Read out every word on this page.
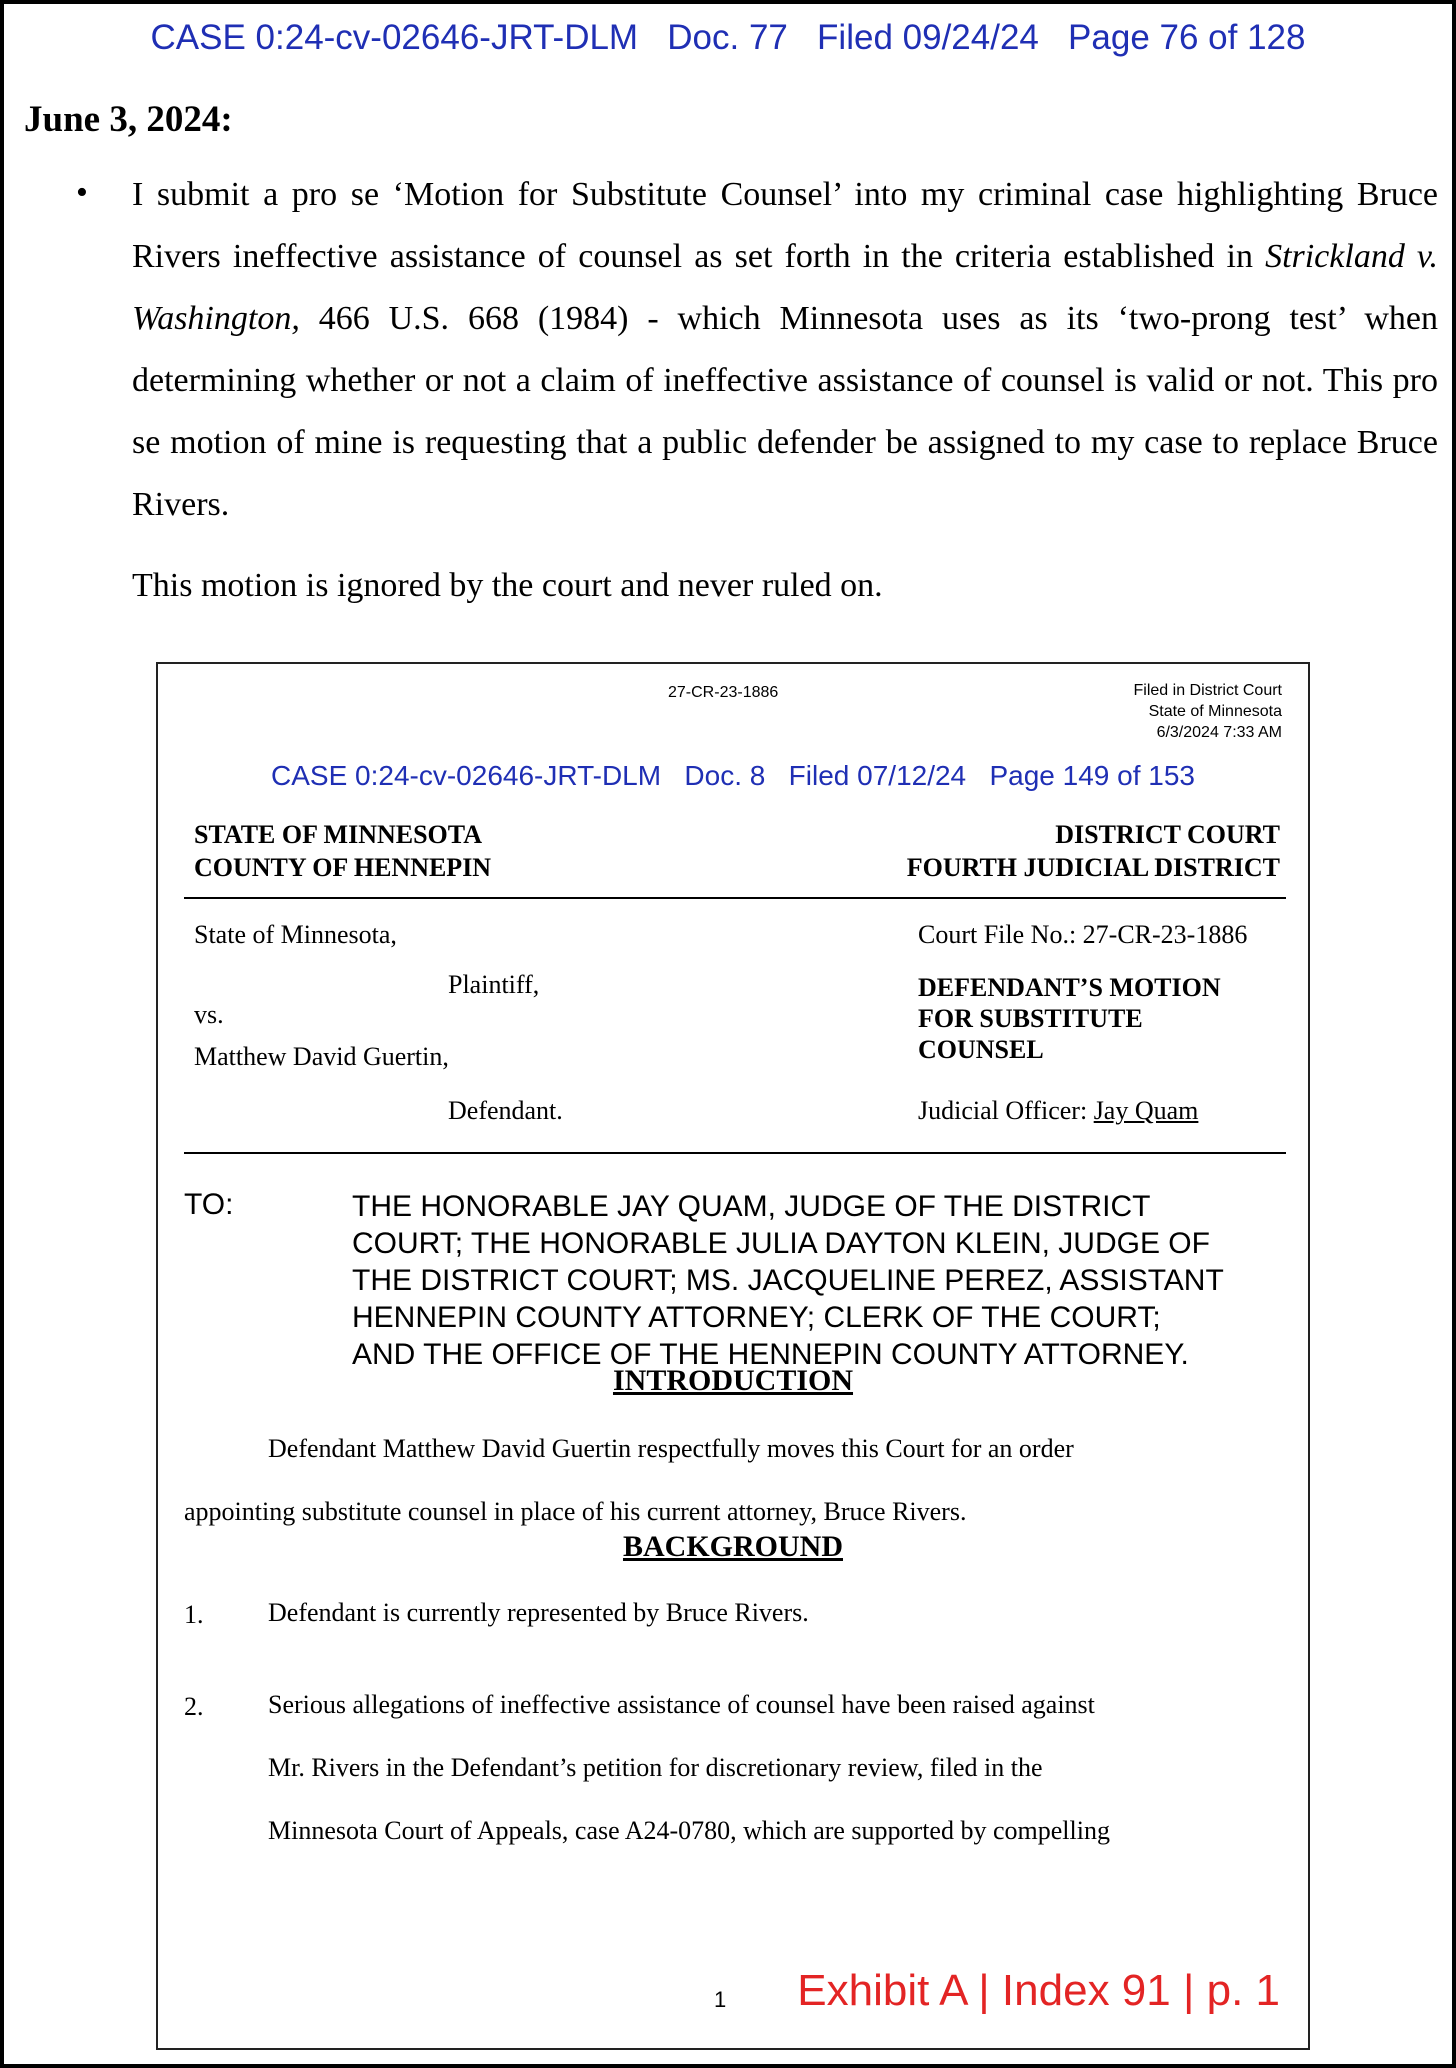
CASE 0:24-cv-02646-JRT-DLM   Doc. 77   Filed 09/24/24   Page 76 of 128
June 3, 2024:
• I submit a pro se ‘Motion for Substitute Counsel’ into my criminal case highlighting Bruce Rivers ineffective assistance of counsel as set forth in the criteria established in Strickland v. Washington, 466 U.S. 668 (1984) - which Minnesota uses as its ‘two-prong test’ when determining whether or not a claim of ineffective assistance of counsel is valid or not. This pro se motion of mine is requesting that a public defender be assigned to my case to replace Bruce Rivers.
This motion is ignored by the court and never ruled on.
27-CR-23-1886	Filed in District Court
State of Minnesota
6/3/2024 7:33 AM
CASE 0:24-cv-02646-JRT-DLM   Doc. 8   Filed 07/12/24   Page 149 of 153
STATE OF MINNESOTA
COUNTY OF HENNEPIN
DISTRICT COURT
FOURTH JUDICIAL DISTRICT
State of Minnesota,
Plaintiff,
vs.
Matthew David Guertin,
Defendant.
Court File No.: 27-CR-23-1886
DEFENDANT’S MOTION
FOR SUBSTITUTE
COUNSEL
Judicial Officer: Jay Quam
TO:	THE HONORABLE JAY QUAM, JUDGE OF THE DISTRICT
COURT; THE HONORABLE JULIA DAYTON KLEIN, JUDGE OF
THE DISTRICT COURT; MS. JACQUELINE PEREZ, ASSISTANT
HENNEPIN COUNTY ATTORNEY; CLERK OF THE COURT;
AND THE OFFICE OF THE HENNEPIN COUNTY ATTORNEY.
INTRODUCTION
Defendant Matthew David Guertin respectfully moves this Court for an order
appointing substitute counsel in place of his current attorney, Bruce Rivers.
BACKGROUND
1. Defendant is currently represented by Bruce Rivers.
2. Serious allegations of ineffective assistance of counsel have been raised against
Mr. Rivers in the Defendant’s petition for discretionary review, filed in the
Minnesota Court of Appeals, case A24-0780, which are supported by compelling
1 Exhibit A | Index 91 | p. 1
